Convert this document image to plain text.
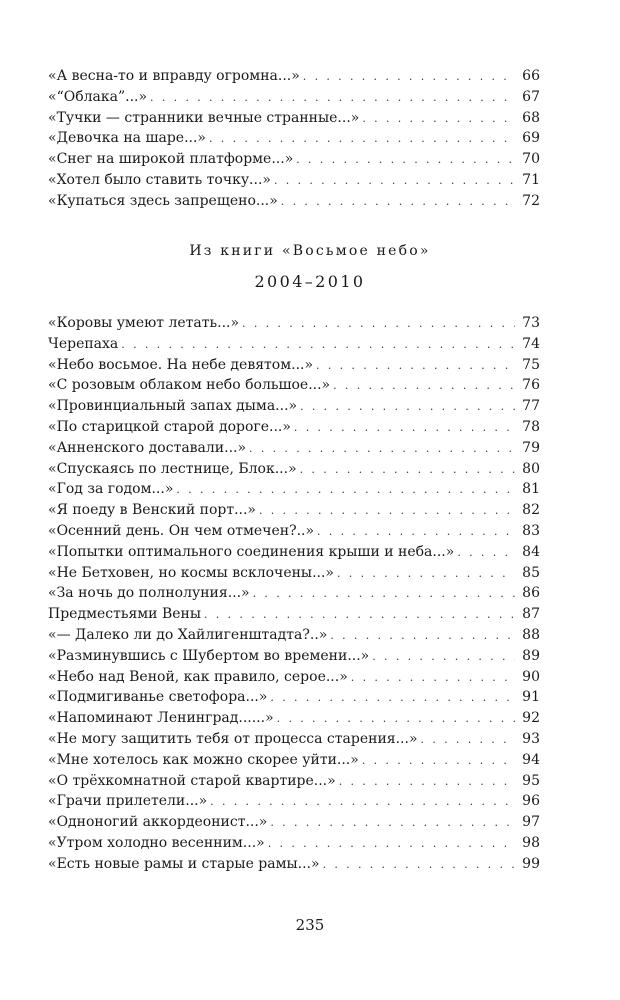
«А весна-то и вправду огромна...» . . .	66
«“Облака”...» . . .	67
«Тучки — странники вечные странные...» . . .	68
«Девочка на шаре...» . . .	69
«Снег на широкой платформе...» . . .	70
«Хотел было ставить точку...» . . .	71
«Купаться здесь запрещено...» . . .	72
Из книги «Восьмое небо»
2004–2010
«Коровы умеют летать...» . . .	73
Черепаха . . .	74
«Небо восьмое. На небе девятом...» . . .	75
«С розовым облаком небо большое...» . . .	76
«Провинциальный запах дыма...» . . .	77
«По старицкой старой дороге...» . . .	78
«Анненского доставали...» . . .	79
«Спускаясь по лестнице, Блок...» . . .	80
«Год за годом...» . . .	81
«Я поеду в Венский порт...» . . .	82
«Осенний день. Он чем отмечен?..» . . .	83
«Попытки оптимального соединения крыши и неба...» . . .	84
«Не Бетховен, но космы всклочены...» . . .	85
«За ночь до полнолуния...» . . .	86
Предместьями Вены . . .	87
«— Далеко ли до Хайлигенштадта?..» . . .	88
«Разминувшись с Шубертом во времени...» . . .	89
«Небо над Веной, как правило, серое...» . . .	90
«Подмигиванье светофора...» . . .	91
«Напоминают Ленинград......» . . .	92
«Не могу защитить тебя от процесса старения...» . . .	93
«Мне хотелось как можно скорее уйти...» . . .	94
«О трёхкомнатной старой квартире...» . . .	95
«Грачи прилетели...» . . .	96
«Одноногий аккордеонист...» . . .	97
«Утром холодно весенним...» . . .	98
«Есть новые рамы и старые рамы...» . . .	99
235
